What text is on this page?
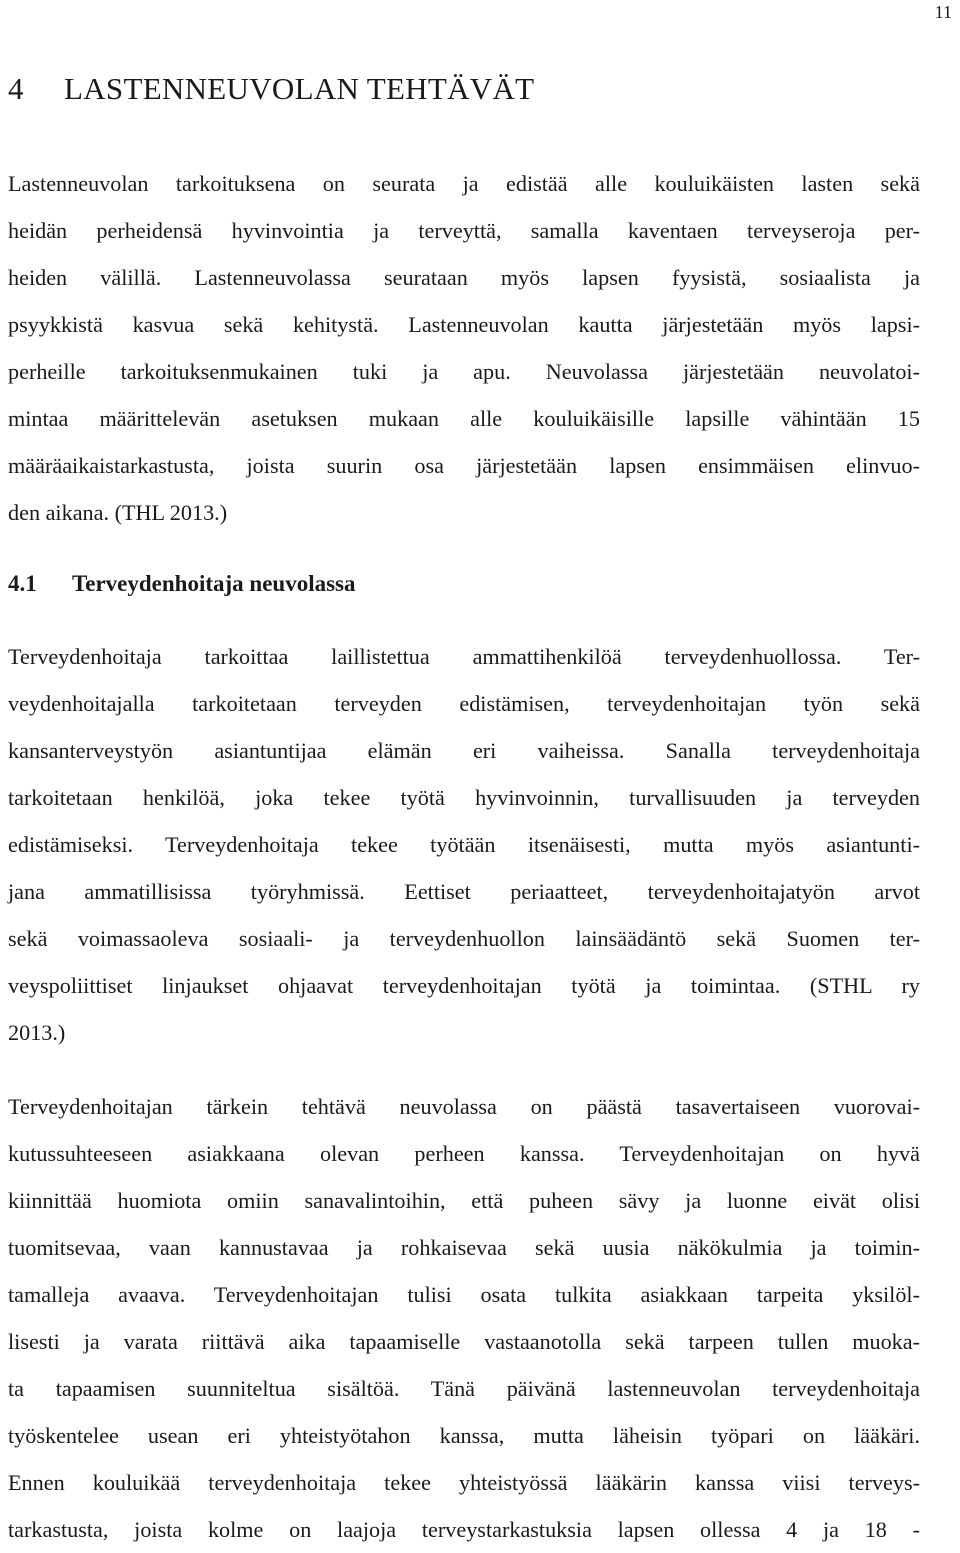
11
4 LASTENNEUVOLAN TEHTÄVÄT
Lastenneuvolan tarkoituksena on seurata ja edistää alle kouluikäisten lasten sekä
heidän perheidensä hyvinvointia ja terveyttä, samalla kaventaen terveyseroja per-
heiden välillä. Lastenneuvolassa seurataan myös lapsen fyysistä, sosiaalista ja
psyykkistä kasvua sekä kehitystä. Lastenneuvolan kautta järjestetään myös lapsi-
perheille tarkoituksenmukainen tuki ja apu. Neuvolassa järjestetään neuvolatoi-
mintaa määrittelevän asetuksen mukaan alle kouluikäisille lapsille vähintään 15
määräaikaistarkastusta, joista suurin osa järjestetään lapsen ensimmäisen elinvuo-
den aikana. (THL 2013.)
4.1 Terveydenhoitaja neuvolassa
Terveydenhoitaja tarkoittaa laillistettua ammattihenkilöä terveydenhuollossa. Ter-
veydenhoitajalla tarkoitetaan terveyden edistämisen, terveydenhoitajan työn sekä
kansanterveystyön asiantuntijaa elämän eri vaiheissa. Sanalla terveydenhoitaja
tarkoitetaan henkilöä, joka tekee työtä hyvinvoinnin, turvallisuuden ja terveyden
edistämiseksi. Terveydenhoitaja tekee työtään itsenäisesti, mutta myös asiantunti-
jana ammatillisissa työryhmissä. Eettiset periaatteet, terveydenhoitajatyön arvot
sekä voimassaoleva sosiaali- ja terveydenhuollon lainsäädäntö sekä Suomen ter-
veyspoliittiset linjaukset ohjaavat terveydenhoitajan työtä ja toimintaa. (STHL ry
2013.)
Terveydenhoitajan tärkein tehtävä neuvolassa on päästä tasavertaiseen vuorovai-
kutussuhteeseen asiakkaana olevan perheen kanssa. Terveydenhoitajan on hyvä
kiinnittää huomiota omiin sanavalintoihin, että puheen sävy ja luonne eivät olisi
tuomitsevaa, vaan kannustavaa ja rohkaisevaa sekä uusia näkökulmia ja toimin-
tamalleja avaava. Terveydenhoitajan tulisi osata tulkita asiakkaan tarpeita yksilöl-
lisesti ja varata riittävä aika tapaamiselle vastaanotolla sekä tarpeen tullen muoka-
ta tapaamisen suunniteltua sisältöä. Tänä päivänä lastenneuvolan terveydenhoitaja
työskentelee usean eri yhteistyötahon kanssa, mutta läheisin työpari on lääkäri.
Ennen kouluikää terveydenhoitaja tekee yhteistyössä lääkärin kanssa viisi terveys-
tarkastusta, joista kolme on laajoja terveystarkastuksia lapsen ollessa 4 ja 18 -
